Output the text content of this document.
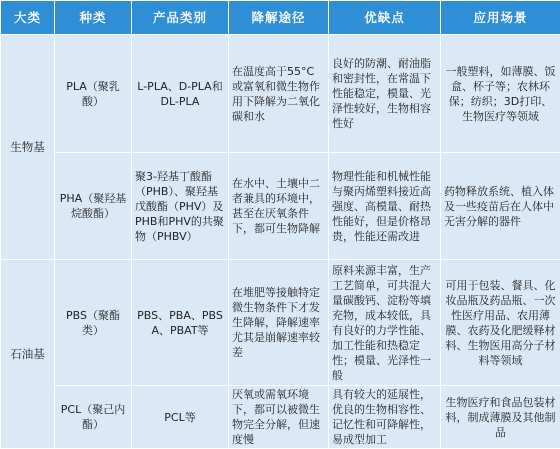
大类	种类	产品类别	降解途径	优缺点	应用场景
生物基	PLA（聚乳酸）	L-PLA、D-PLA和DL-PLA	在温度高于55°C或富氧和微生物作用下降解为二氧化碳和水	良好的防潮、耐油脂和密封性，在常温下性能稳定，模量、光泽性较好，生物相容性好	一般塑料，如薄膜、饭盒、杯子等；农林环保；纺织；3D打印、生物医疗等领域
	PHA（聚羟基烷酸酯）	聚3-羟基丁酸酯（PHB）、聚羟基戊酸酯（PHV）及PHB和PHV的共聚物（PHBV）	在水中、土壤中二者兼具的环境中，甚至在厌氧条件下，都可生物降解	物理性能和机械性能与聚丙烯塑料接近高强度、高模量、耐热性能好，但是价格昂贵，性能还需改进	药物释放系统、植入体及一些疫苗后在人体中无害分解的器件
石油基	PBS（聚酯类）	PBS、PBA、PBSA、PBAT等	在堆肥等接触特定微生物条件下才发生降解，降解速率尤其是崩解速率较差	原料来源丰富，生产工艺简单，可共混大量碳酸钙、淀粉等填充物，成本较低，具有良好的力学性能、加工性能和热稳定性；模量、光泽性一般	可用于包装、餐具、化妆品瓶及药品瓶、一次性医疗用品、农用薄膜、农药及化肥缓释材料、生物医用高分子材料等领域
	PCL（聚己内酯）	PCL等	厌氧或需氧环境下，都可以被微生物完全分解，但速度慢	具有较大的延展性，优良的生物相容性、记忆性和可降解性，易成型加工	生物医疗和食品包装材料，制成薄膜及其他制品
